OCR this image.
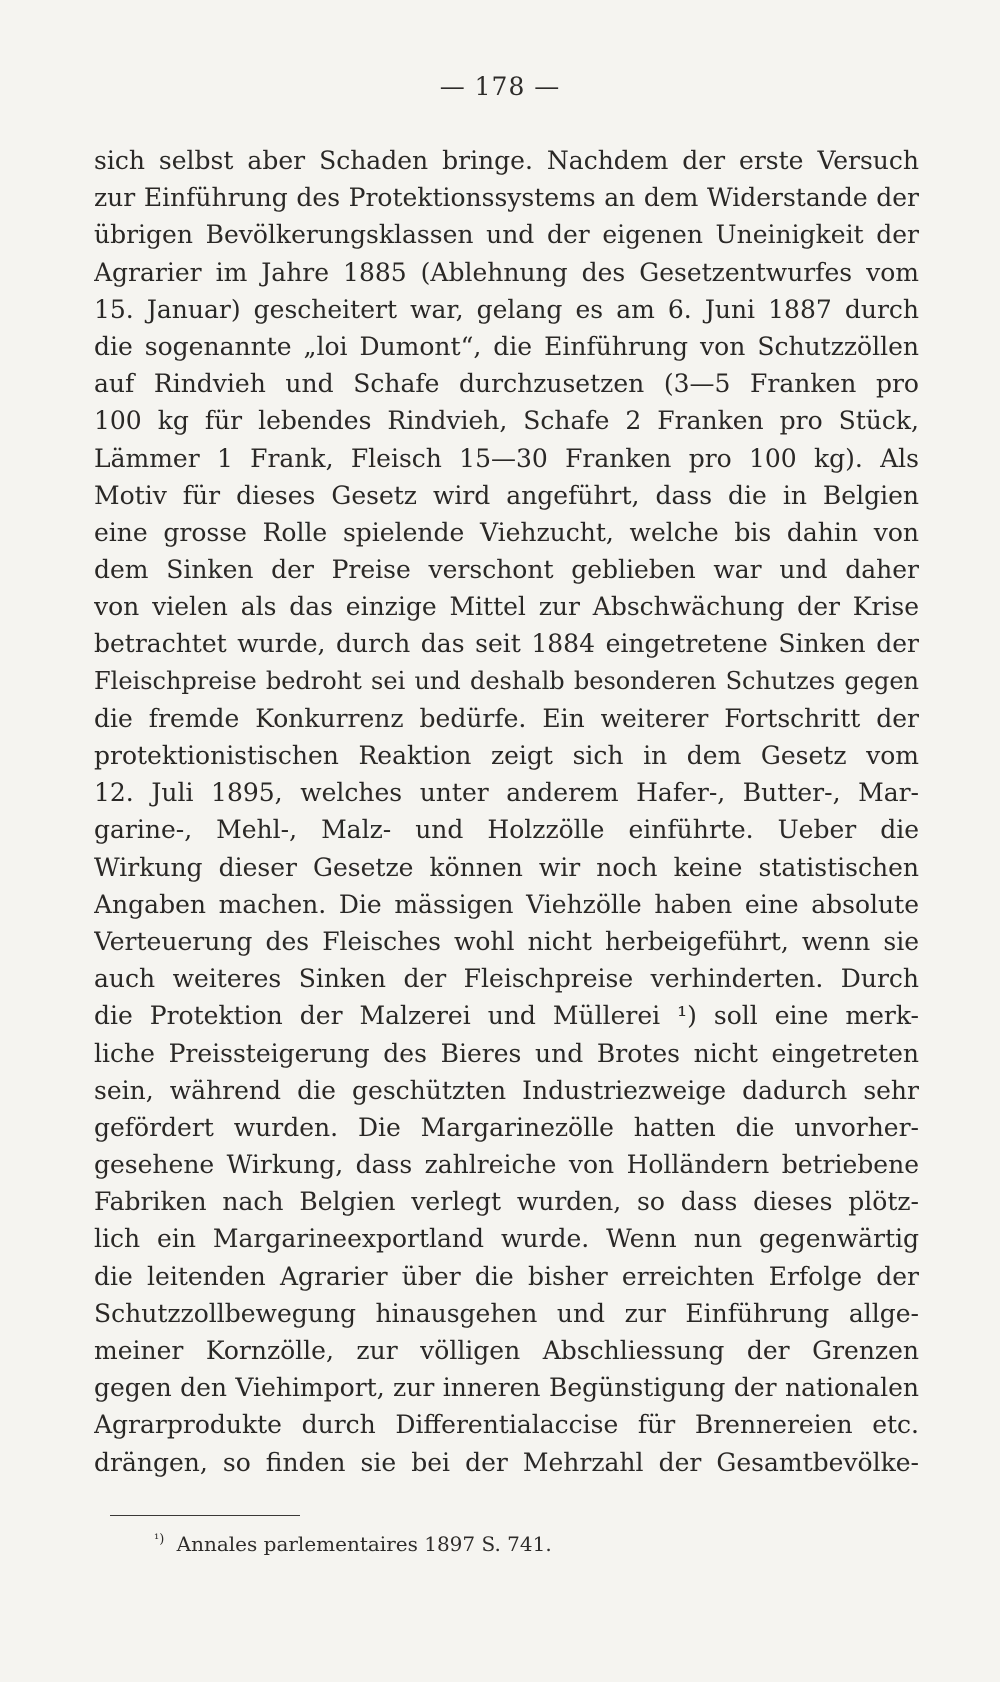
— 178 —
sich selbst aber Schaden bringe. Nachdem der erste Versuch
zur Einführung des Protektionssystems an dem Widerstande der
übrigen Bevölkerungsklassen und der eigenen Uneinigkeit der
Agrarier im Jahre 1885 (Ablehnung des Gesetzentwurfes vom
15. Januar) gescheitert war, gelang es am 6. Juni 1887 durch
die sogenannte „loi Dumont“, die Einführung von Schutzzöllen
auf Rindvieh und Schafe durchzusetzen (3—5 Franken pro
100 kg für lebendes Rindvieh, Schafe 2 Franken pro Stück,
Lämmer 1 Frank, Fleisch 15—30 Franken pro 100 kg). Als
Motiv für dieses Gesetz wird angeführt, dass die in Belgien
eine grosse Rolle spielende Viehzucht, welche bis dahin von
dem Sinken der Preise verschont geblieben war und daher
von vielen als das einzige Mittel zur Abschwächung der Krise
betrachtet wurde, durch das seit 1884 eingetretene Sinken der
Fleischpreise bedroht sei und deshalb besonderen Schutzes gegen
die fremde Konkurrenz bedürfe. Ein weiterer Fortschritt der
protektionistischen Reaktion zeigt sich in dem Gesetz vom
12. Juli 1895, welches unter anderem Hafer-, Butter-, Mar-
garine-, Mehl-, Malz- und Holzzölle einführte. Ueber die
Wirkung dieser Gesetze können wir noch keine statistischen
Angaben machen. Die mässigen Viehzölle haben eine absolute
Verteuerung des Fleisches wohl nicht herbeigeführt, wenn sie
auch weiteres Sinken der Fleischpreise verhinderten. Durch
die Protektion der Malzerei und Müllerei ¹) soll eine merk-
liche Preissteigerung des Bieres und Brotes nicht eingetreten
sein, während die geschützten Industriezweige dadurch sehr
gefördert wurden. Die Margarinezölle hatten die unvorher-
gesehene Wirkung, dass zahlreiche von Holländern betriebene
Fabriken nach Belgien verlegt wurden, so dass dieses plötz-
lich ein Margarineexportland wurde. Wenn nun gegenwärtig
die leitenden Agrarier über die bisher erreichten Erfolge der
Schutzzollbewegung hinausgehen und zur Einführung allge-
meiner Kornzölle, zur völligen Abschliessung der Grenzen
gegen den Viehimport, zur inneren Begünstigung der nationalen
Agrarprodukte durch Differentialaccise für Brennereien etc.
drängen, so finden sie bei der Mehrzahl der Gesamtbevölke-
$^{^1)}$ Annales parlementaires 1897 S. 741.
